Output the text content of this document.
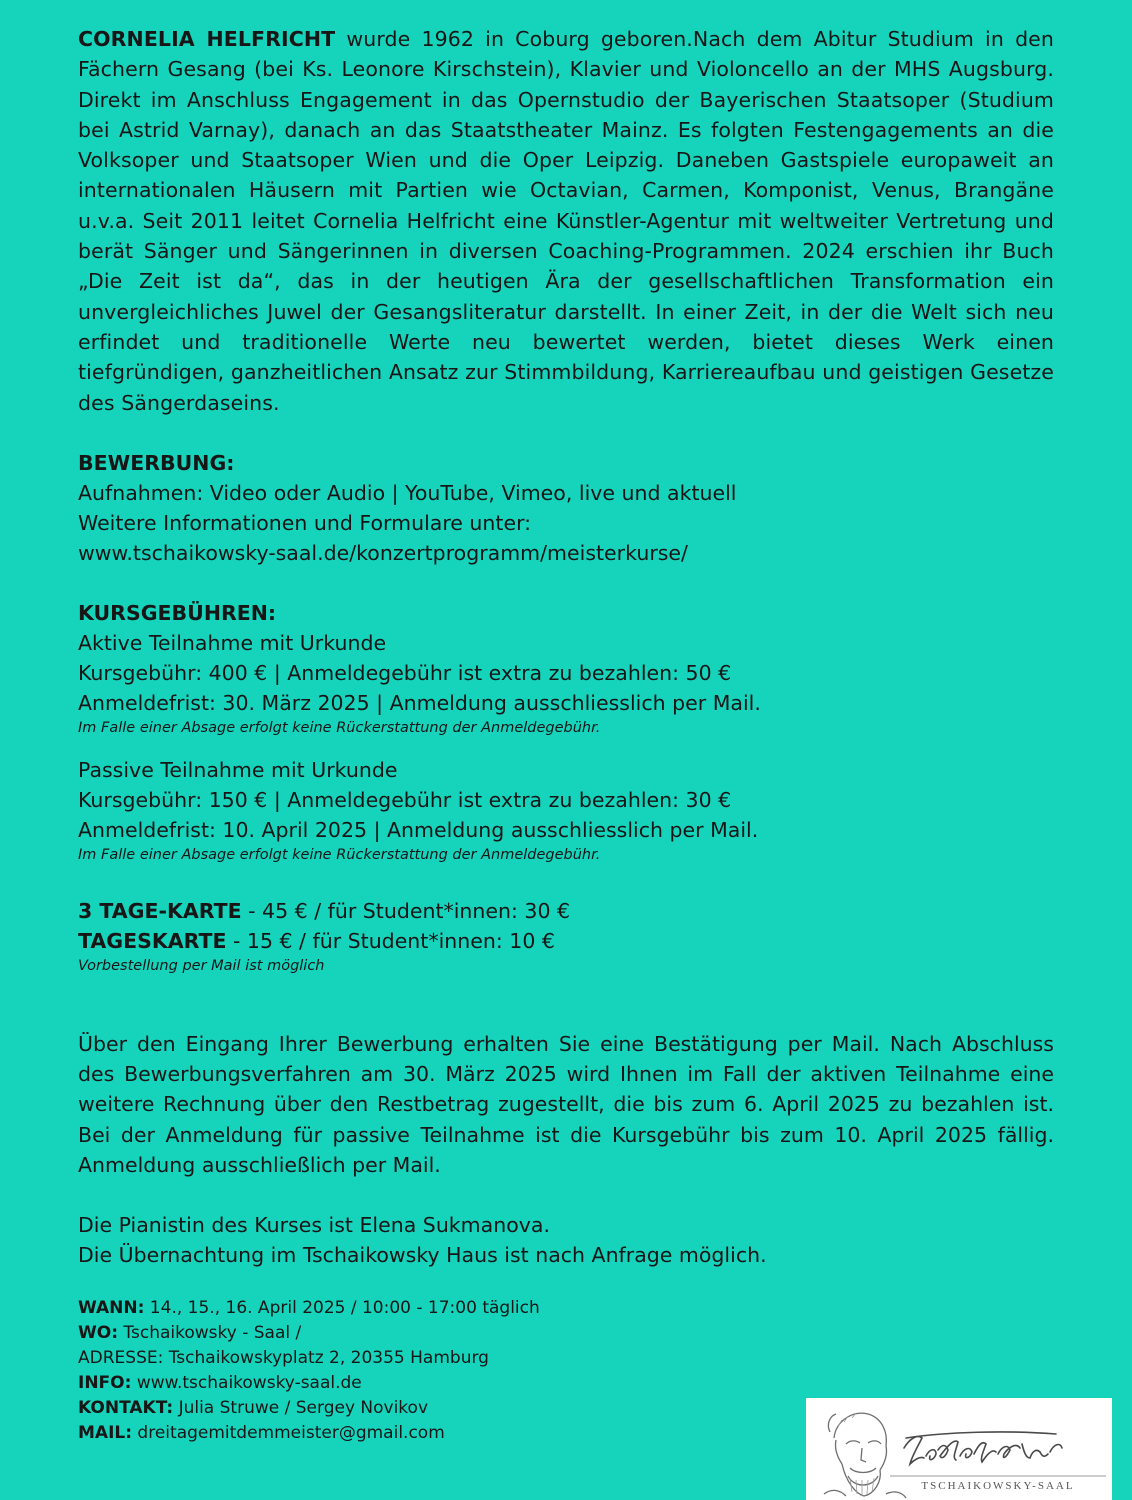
CORNELIA HELFRICHT wurde 1962 in Coburg geboren.Nach dem Abitur Studium in den Fächern Gesang (bei Ks. Leonore Kirschstein), Klavier und Violoncello an der MHS Augsburg. Direkt im Anschluss Engagement in das Opernstudio der Bayerischen Staatsoper (Studium bei Astrid Varnay), danach an das Staatstheater Mainz. Es folgten Festengagements an die Volksoper und Staatsoper Wien und die Oper Leipzig. Daneben Gastspiele europaweit an internationalen Häusern mit Partien wie Octavian, Carmen, Komponist, Venus, Brangäne u.v.a. Seit 2011 leitet Cornelia Helfricht eine Künstler-Agentur mit weltweiter Vertretung und berät Sänger und Sängerinnen in diversen Coaching-Programmen. 2024 erschien ihr Buch „Die Zeit ist da“, das in der heutigen Ära der gesellschaftlichen Transformation ein unvergleichliches Juwel der Gesangsliteratur darstellt. In einer Zeit, in der die Welt sich neu erfindet und traditionelle Werte neu bewertet werden, bietet dieses Werk einen tiefgründigen, ganzheitlichen Ansatz zur Stimmbildung, Karriereaufbau und geistigen Gesetze des Sängerdaseins.

BEWERBUNG:
Aufnahmen: Video oder Audio | YouTube, Vimeo, live und aktuell
Weitere Informationen und Formulare unter:
www.tschaikowsky-saal.de/konzertprogramm/meisterkurse/
KURSGEBÜHREN:
Aktive Teilnahme mit Urkunde
Kursgebühr: 400 € | Anmeldegebühr ist extra zu bezahlen: 50 €
Anmeldefrist: 30. März 2025 | Anmeldung ausschliesslich per Mail.
Im Falle einer Absage erfolgt keine Rückerstattung der Anmeldegebühr.
Passive Teilnahme mit Urkunde
Kursgebühr: 150 € | Anmeldegebühr ist extra zu bezahlen: 30 €
Anmeldefrist: 10. April 2025 | Anmeldung ausschliesslich per Mail.
Im Falle einer Absage erfolgt keine Rückerstattung der Anmeldegebühr.
3 TAGE-KARTE - 45 € / für Student*innen: 30 €
TAGESKARTE - 15 € / für Student*innen: 10 €
Vorbestellung per Mail ist möglich

Über den Eingang Ihrer Bewerbung erhalten Sie eine Bestätigung per Mail. Nach Abschluss des Bewerbungsverfahren am 30. März 2025 wird Ihnen im Fall der aktiven Teilnahme eine weitere Rechnung über den Restbetrag zugestellt, die bis zum 6. April 2025 zu bezahlen ist. Bei der Anmeldung für passive Teilnahme ist die Kursgebühr bis zum 10. April 2025 fällig. Anmeldung ausschließlich per Mail.

Die Pianistin des Kurses ist Elena Sukmanova.
Die Übernachtung im Tschaikowsky Haus ist nach Anfrage möglich.
WANN: 14., 15., 16. April 2025 / 10:00 - 17:00 täglich
WO: Tschaikowsky - Saal /
ADRESSE: Tschaikowskyplatz 2, 20355 Hamburg
INFO: www.tschaikowsky-saal.de
KONTAKT: Julia Struwe / Sergey Novikov
MAIL: dreitagemitdemmeister@gmail.com
TSCHAIKOWSKY-SAAL
